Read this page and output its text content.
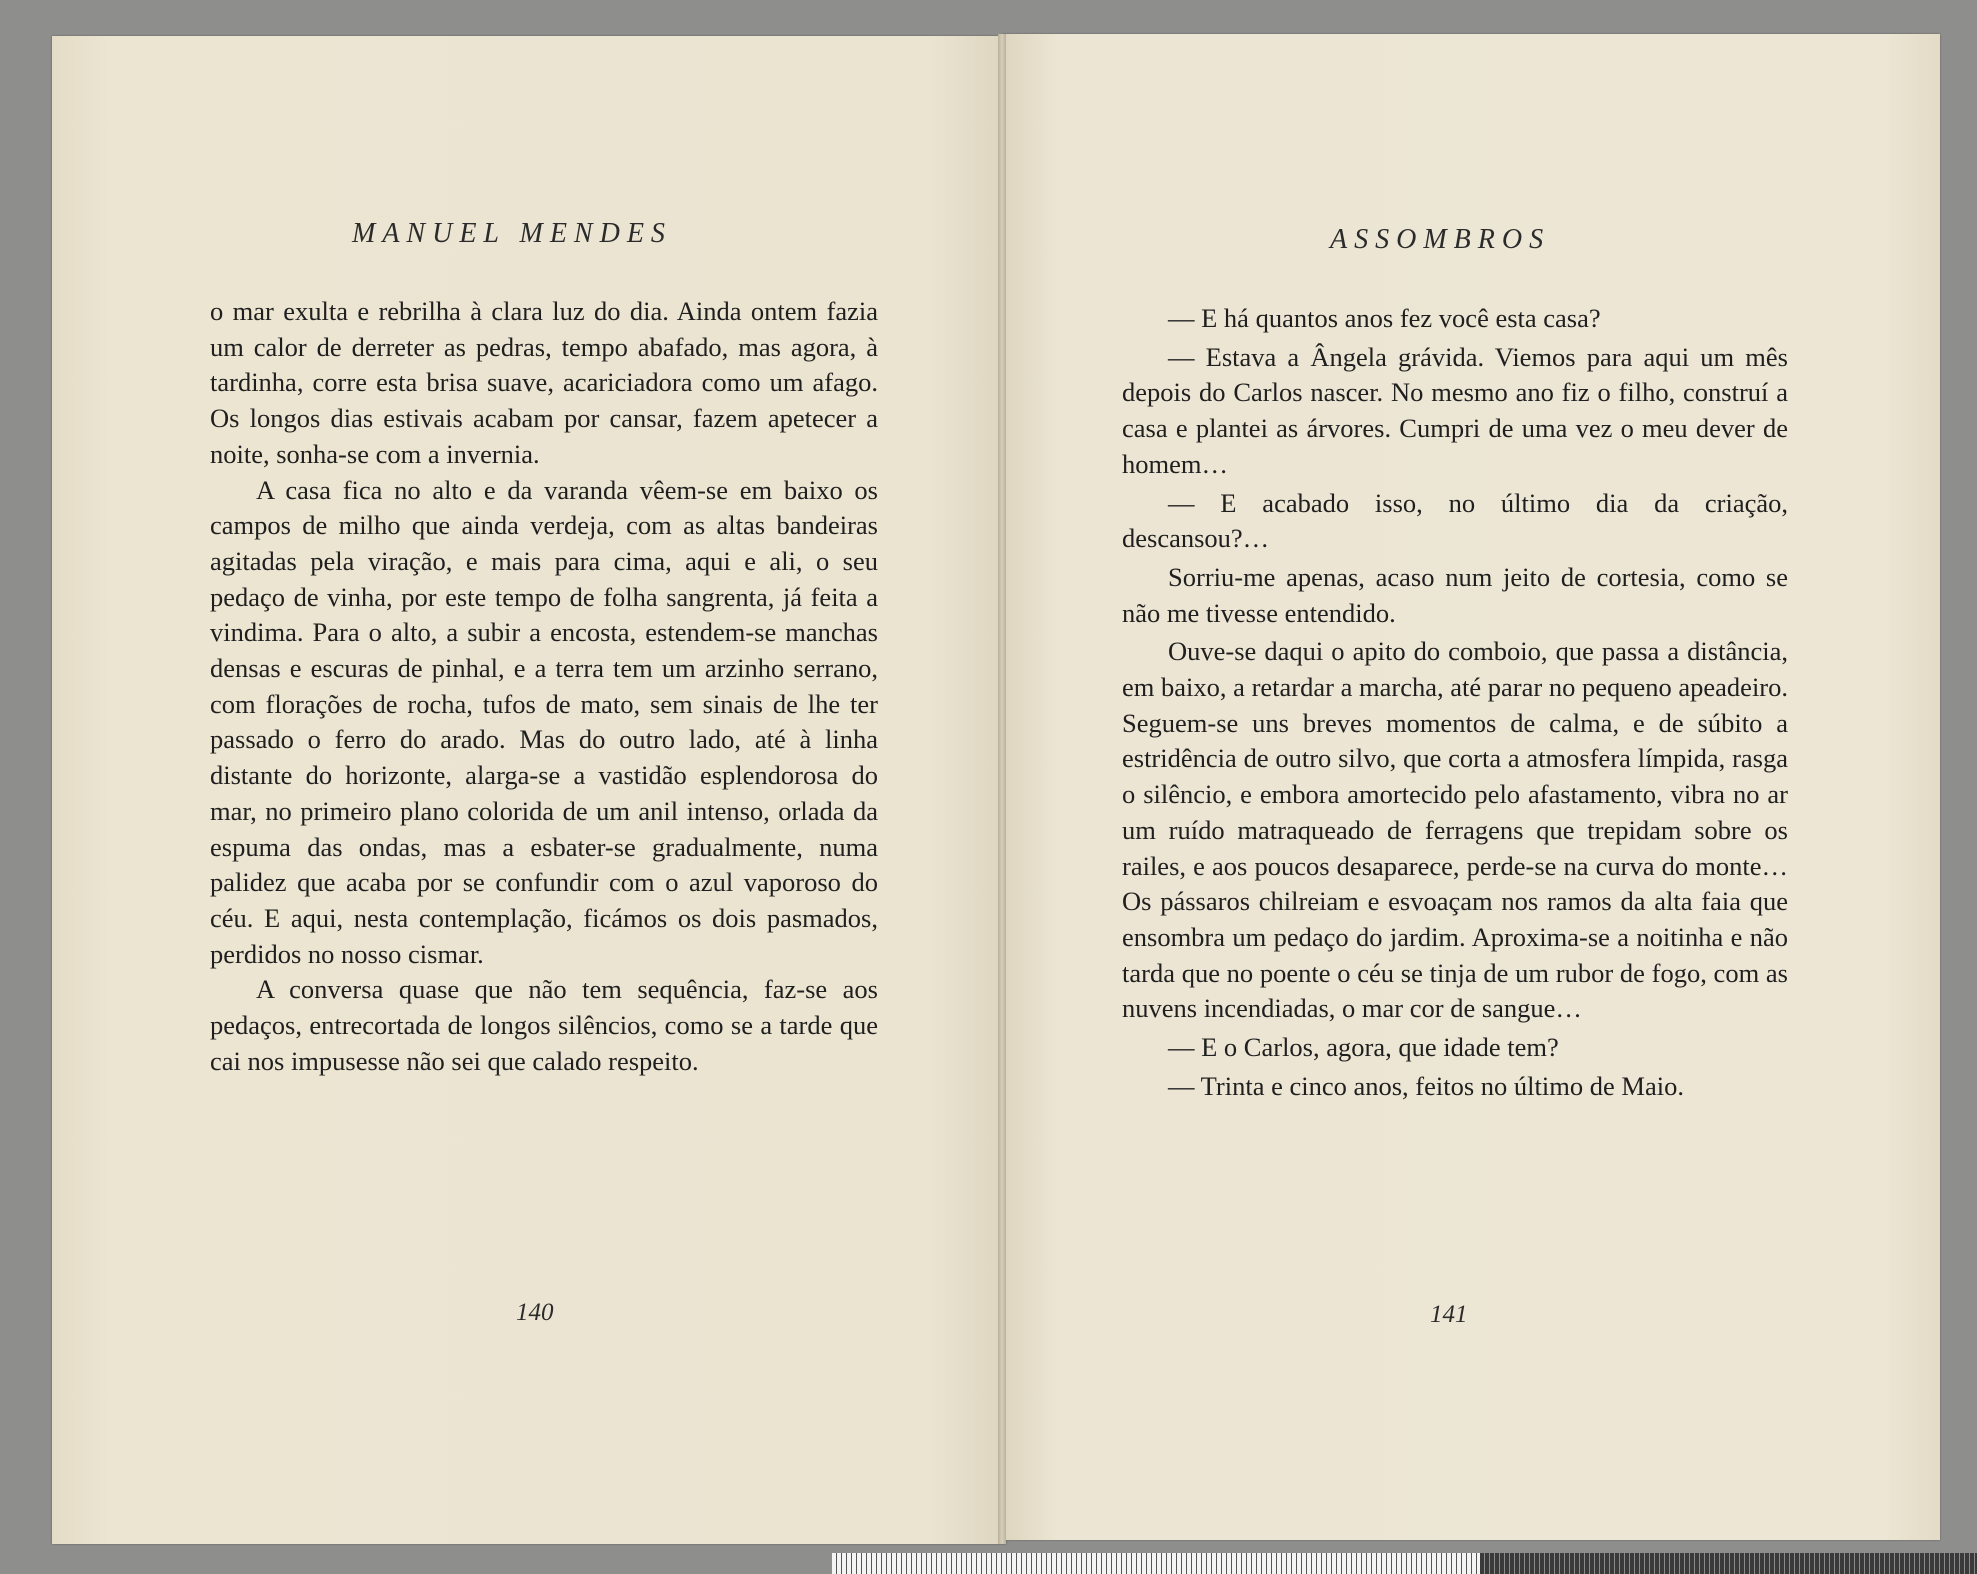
MANUEL MENDES

o mar exulta e rebrilha à clara luz do dia. Ainda ontem fazia um calor de derreter as pedras, tempo abafado, mas agora, à tardinha, corre esta brisa suave, acariciadora como um afago. Os longos dias estivais acabam por cansar, fazem apetecer a noite, sonha-se com a invernia.

A casa fica no alto e da varanda vêem-se em baixo os campos de milho que ainda verdeja, com as altas bandeiras agitadas pela viração, e mais para cima, aqui e ali, o seu pedaço de vinha, por este tempo de folha sangrenta, já feita a vindima. Para o alto, a subir a encosta, estendem-se manchas densas e escuras de pinhal, e a terra tem um arzinho serrano, com florações de rocha, tufos de mato, sem sinais de lhe ter passado o ferro do arado. Mas do outro lado, até à linha distante do horizonte, alarga-se a vastidão esplendorosa do mar, no primeiro plano colorida de um anil intenso, orlada da espuma das ondas, mas a esbater-se gradualmente, numa palidez que acaba por se confundir com o azul vaporoso do céu. E aqui, nesta contemplação, ficámos os dois pasmados, perdidos no nosso cismar.

A conversa quase que não tem sequência, faz-se aos pedaços, entrecortada de longos silêncios, como se a tarde que cai nos impusesse não sei que calado respeito.

140
ASSOMBROS

— E há quantos anos fez você esta casa?

— Estava a Ângela grávida. Viemos para aqui um mês depois do Carlos nascer. No mesmo ano fiz o filho, construí a casa e plantei as árvores. Cumpri de uma vez o meu dever de homem…

— E acabado isso, no último dia da criação, descansou?…

Sorriu-me apenas, acaso num jeito de cortesia, como se não me tivesse entendido.

Ouve-se daqui o apito do comboio, que passa a distância, em baixo, a retardar a marcha, até parar no pequeno apeadeiro. Seguem-se uns breves momentos de calma, e de súbito a estridência de outro silvo, que corta a atmosfera límpida, rasga o silêncio, e embora amortecido pelo afastamento, vibra no ar um ruído matraqueado de ferragens que trepidam sobre os railes, e aos poucos desaparece, perde-se na curva do monte… Os pássaros chilreiam e esvoaçam nos ramos da alta faia que ensombra um pedaço do jardim. Aproxima-se a noitinha e não tarda que no poente o céu se tinja de um rubor de fogo, com as nuvens incendiadas, o mar cor de sangue…

— E o Carlos, agora, que idade tem?

— Trinta e cinco anos, feitos no último de Maio.

141
